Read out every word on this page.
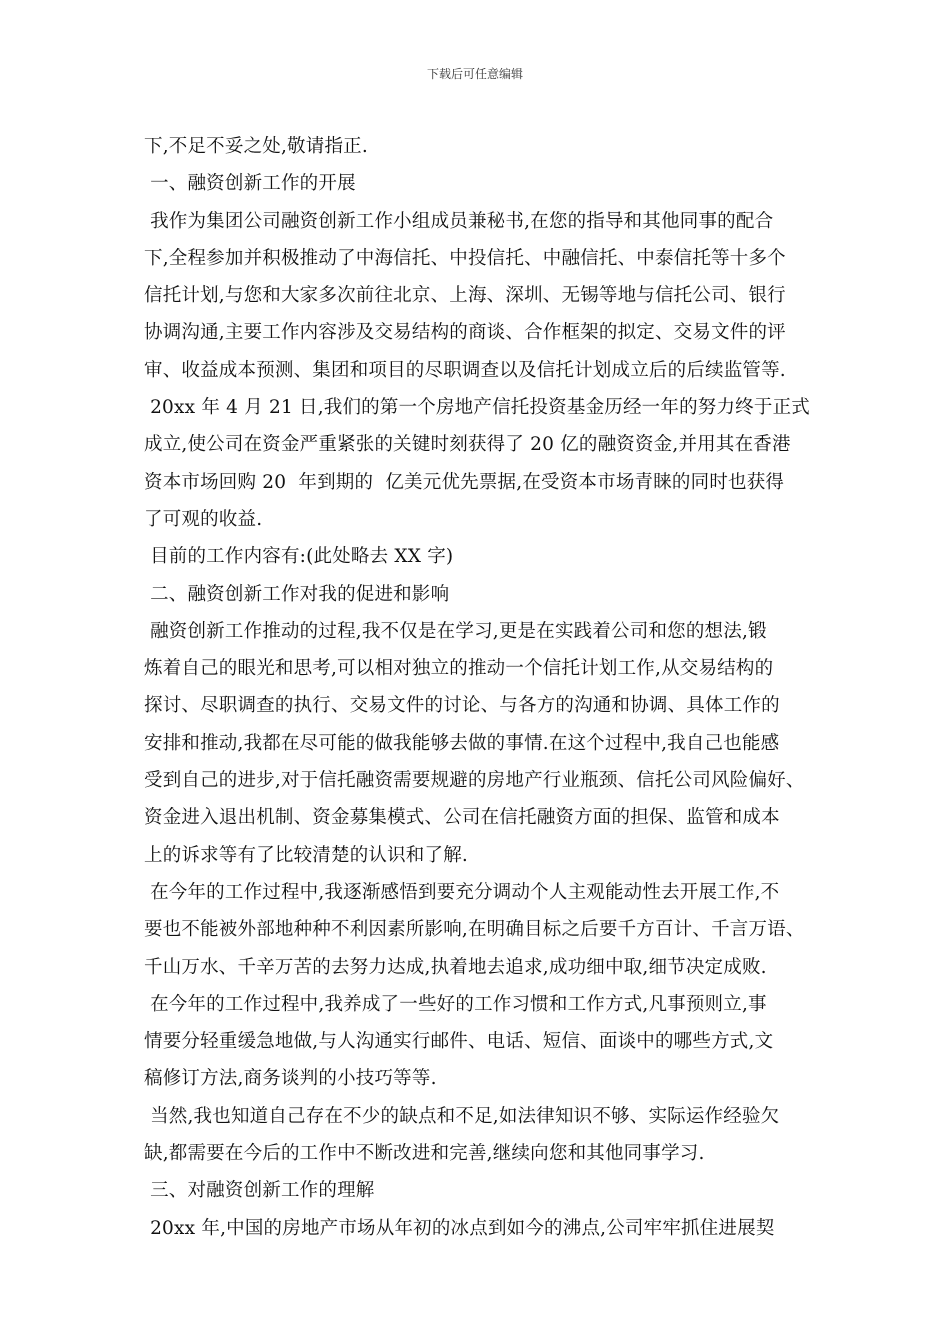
下载后可任意编辑
下,不足不妥之处,敬请指正.
一、融资创新工作的开展
我作为集团公司融资创新工作小组成员兼秘书,在您的指导和其他同事的配合
下,全程参加并积极推动了中海信托、中投信托、中融信托、中泰信托等十多个
信托计划,与您和大家多次前往北京、上海、深圳、无锡等地与信托公司、银行
协调沟通,主要工作内容涉及交易结构的商谈、合作框架的拟定、交易文件的评
审、收益成本预测、集团和项目的尽职调查以及信托计划成立后的后续监管等.
20xx 年 4 月 21 日,我们的第一个房地产信托投资基金历经一年的努力终于正式
成立,使公司在资金严重紧张的关键时刻获得了 20 亿的融资资金,并用其在香港
资本市场回购 20  年到期的  亿美元优先票据,在受资本市场青睐的同时也获得
了可观的收益.
目前的工作内容有:(此处略去 XX 字)
二、融资创新工作对我的促进和影响
融资创新工作推动的过程,我不仅是在学习,更是在实践着公司和您的想法,锻
炼着自己的眼光和思考,可以相对独立的推动一个信托计划工作,从交易结构的
探讨、尽职调查的执行、交易文件的讨论、与各方的沟通和协调、具体工作的
安排和推动,我都在尽可能的做我能够去做的事情.在这个过程中,我自己也能感
受到自己的进步,对于信托融资需要规避的房地产行业瓶颈、信托公司风险偏好、
资金进入退出机制、资金募集模式、公司在信托融资方面的担保、监管和成本
上的诉求等有了比较清楚的认识和了解.
在今年的工作过程中,我逐渐感悟到要充分调动个人主观能动性去开展工作,不
要也不能被外部地种种不利因素所影响,在明确目标之后要千方百计、千言万语、
千山万水、千辛万苦的去努力达成,执着地去追求,成功细中取,细节决定成败.
在今年的工作过程中,我养成了一些好的工作习惯和工作方式,凡事预则立,事
情要分轻重缓急地做,与人沟通实行邮件、电话、短信、面谈中的哪些方式,文
稿修订方法,商务谈判的小技巧等等.
当然,我也知道自己存在不少的缺点和不足,如法律知识不够、实际运作经验欠
缺,都需要在今后的工作中不断改进和完善,继续向您和其他同事学习.
三、对融资创新工作的理解
20xx 年,中国的房地产市场从年初的冰点到如今的沸点,公司牢牢抓住进展契
